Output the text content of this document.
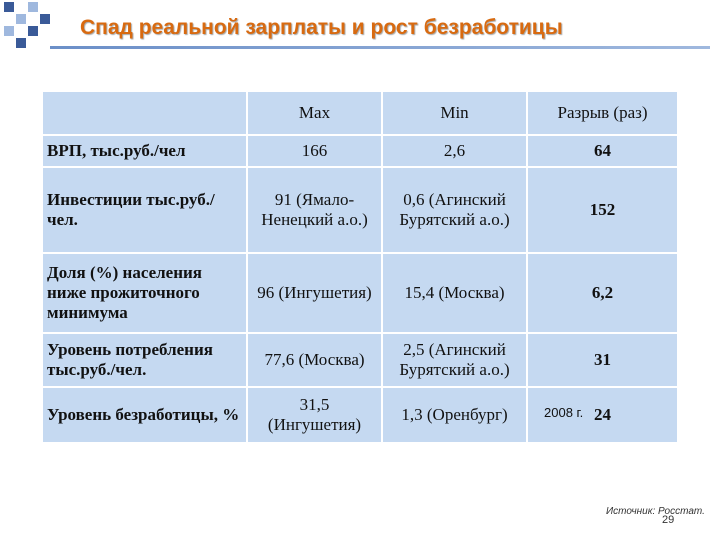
Спад реальной зарплаты и рост безработицы
	Max	Min	Разрыв (раз)
ВРП, тыс.руб./чел	166	2,6	64
Инвестиции тыс.руб./чел.	91 (Ямало-Ненецкий а.о.)	0,6 (Агинский Бурятский а.о.)	152
Доля (%) населения ниже прожиточного минимума	96 (Ингушетия)	15,4 (Москва)	6,2
Уровень потребления тыс.руб./чел.	77,6 (Москва)	2,5 (Агинский Бурятский а.о.)	31
Уровень безработицы, %	31,5 (Ингушетия)	1,3 (Оренбург)	24
2008 г.
Источник: Росстат.
29
